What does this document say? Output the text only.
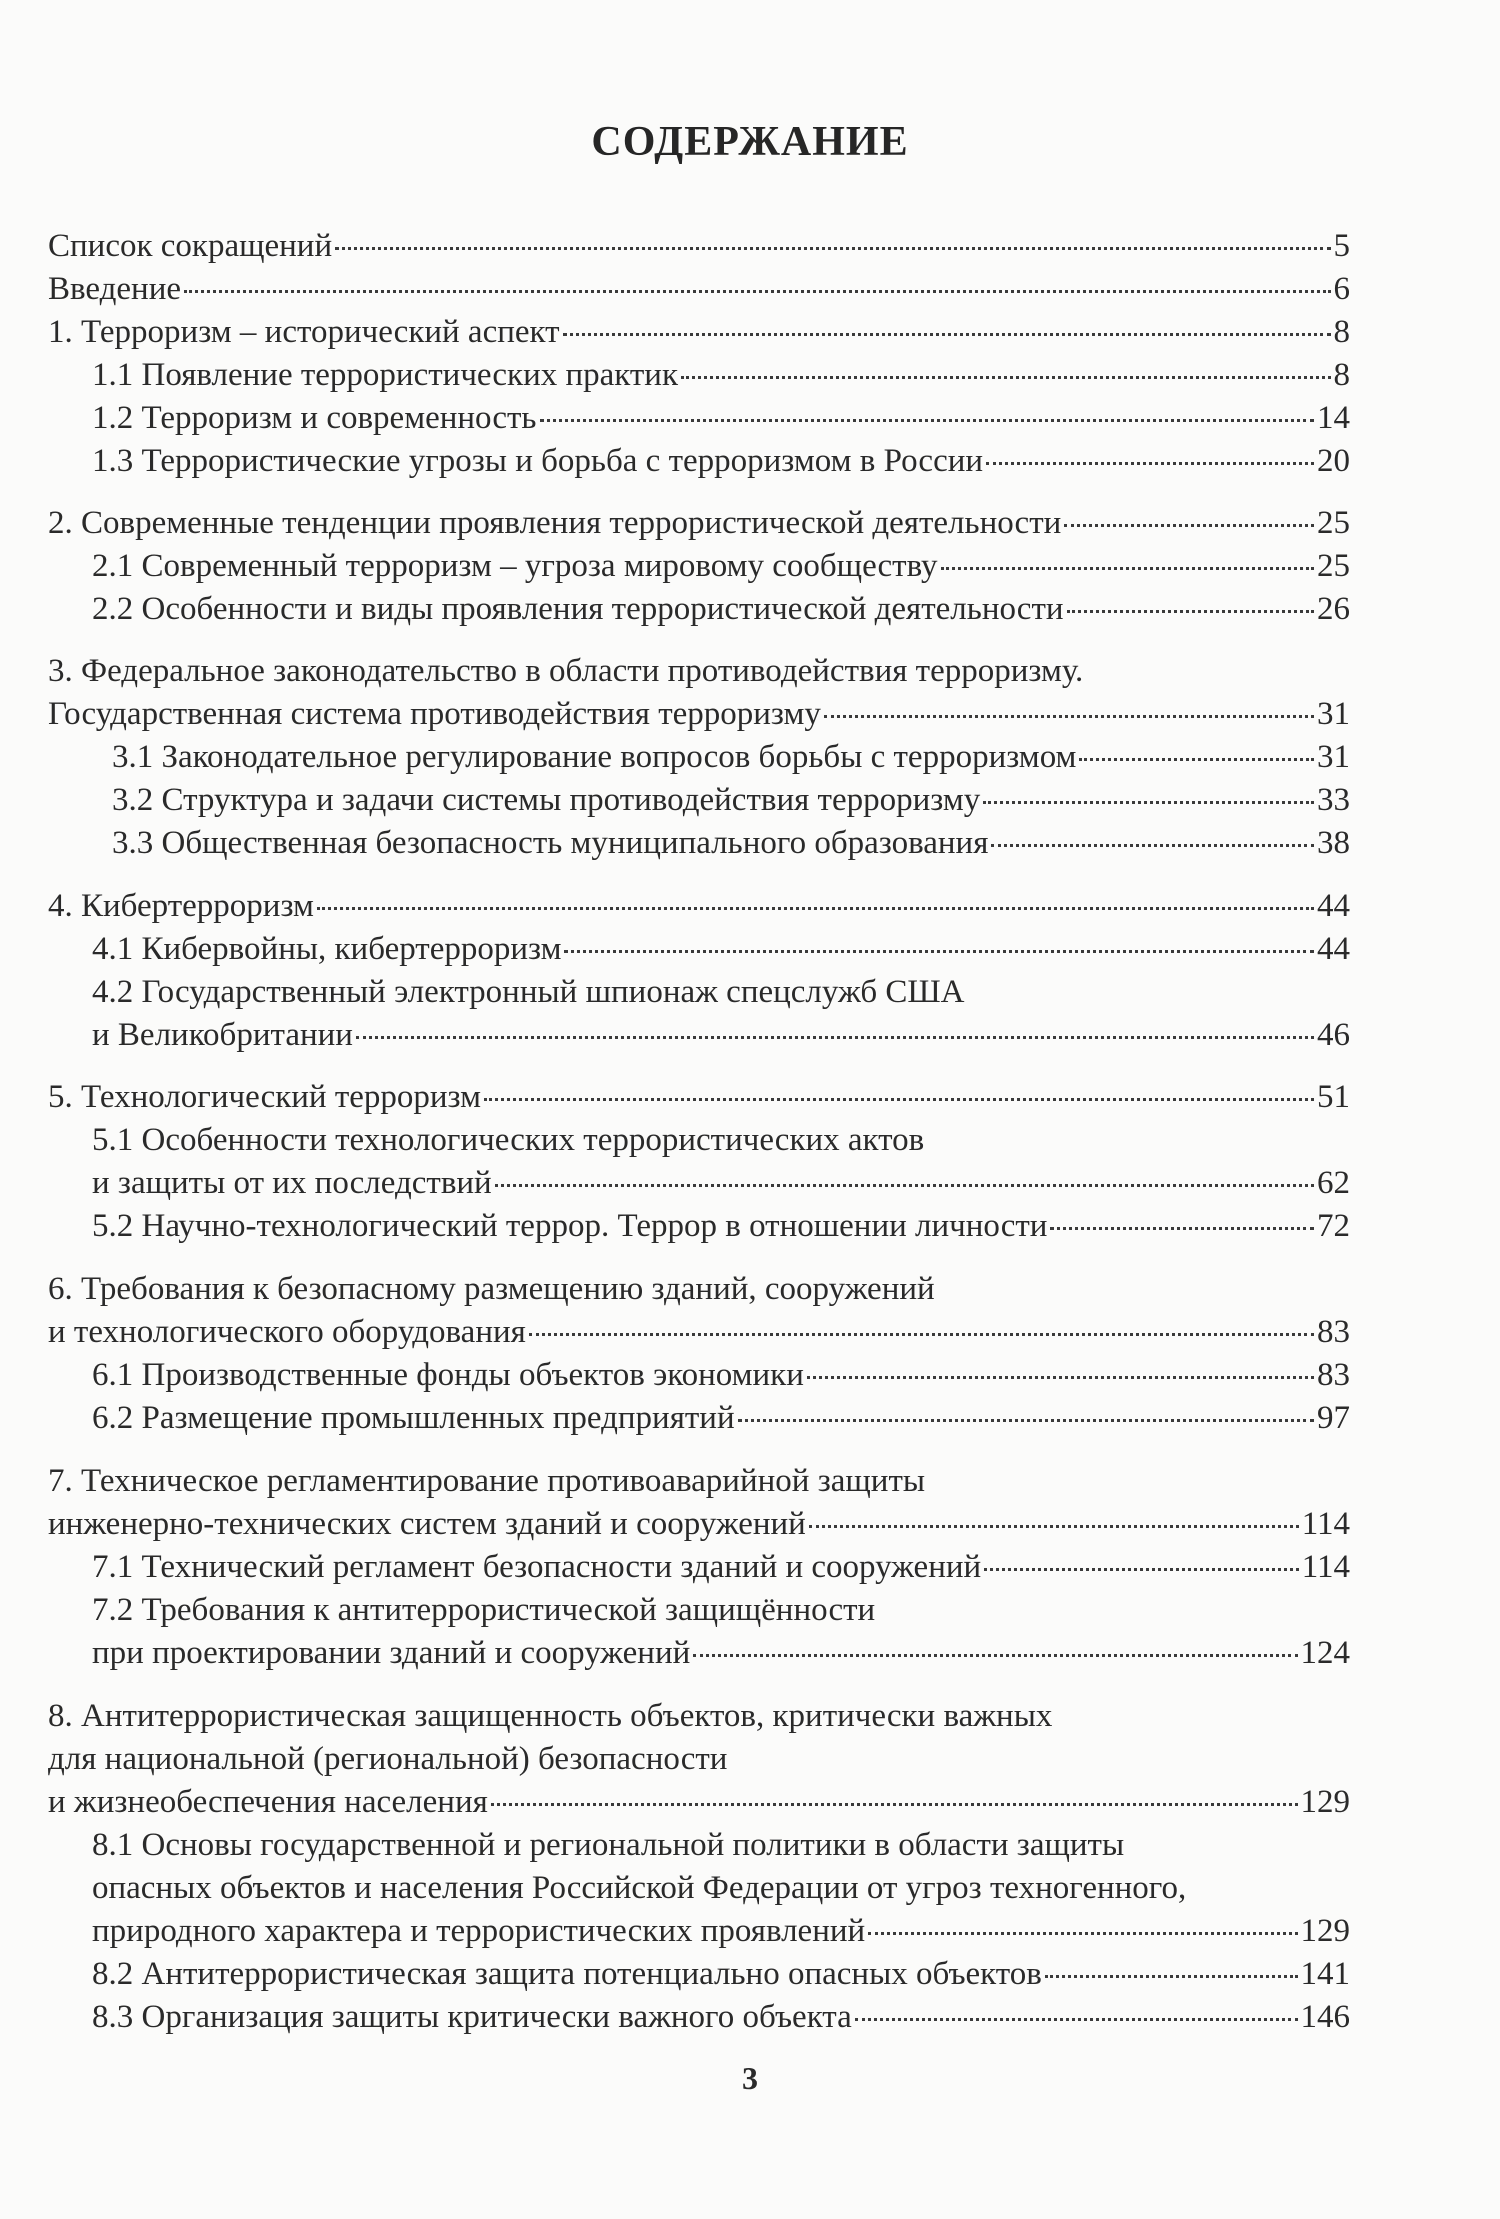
СОДЕРЖАНИЕ
Список сокращений	5
Введение	6
1. Терроризм – исторический аспект	8
1.1 Появление террористических практик	8
1.2 Терроризм и современность	14
1.3 Террористические угрозы и борьба с терроризмом в России	20
2. Современные тенденции проявления террористической деятельности	25
2.1 Современный терроризм – угроза мировому сообществу	25
2.2 Особенности и виды проявления террористической деятельности	26
3. Федеральное законодательство в области противодействия терроризму.
Государственная система противодействия терроризму	31
3.1 Законодательное регулирование вопросов борьбы с терроризмом	31
3.2 Структура и задачи системы противодействия терроризму	33
3.3 Общественная безопасность муниципального образования	38
4. Кибертерроризм	44
4.1 Кибервойны, кибертерроризм	44
4.2 Государственный электронный шпионаж спецслужб США
и Великобритании	46
5. Технологический терроризм	51
5.1 Особенности технологических террористических актов
и защиты от их последствий	62
5.2 Научно-технологический террор. Террор в отношении личности	72
6. Требования к безопасному размещению зданий, сооружений
и технологического оборудования	83
6.1 Производственные фонды объектов экономики	83
6.2 Размещение промышленных предприятий	97
7. Техническое регламентирование противоаварийной защиты
инженерно-технических систем зданий и сооружений	114
7.1 Технический регламент безопасности зданий и сооружений	114
7.2 Требования к антитеррористической защищённости
при проектировании зданий и сооружений	124
8. Антитеррористическая защищенность объектов, критически важных
для национальной (региональной) безопасности
и жизнеобеспечения населения	129
8.1 Основы государственной и региональной политики в области защиты
опасных объектов и населения Российской Федерации от угроз техногенного,
природного характера и террористических проявлений	129
8.2 Антитеррористическая защита потенциально опасных объектов	141
8.3 Организация защиты критически важного объекта	146
3
